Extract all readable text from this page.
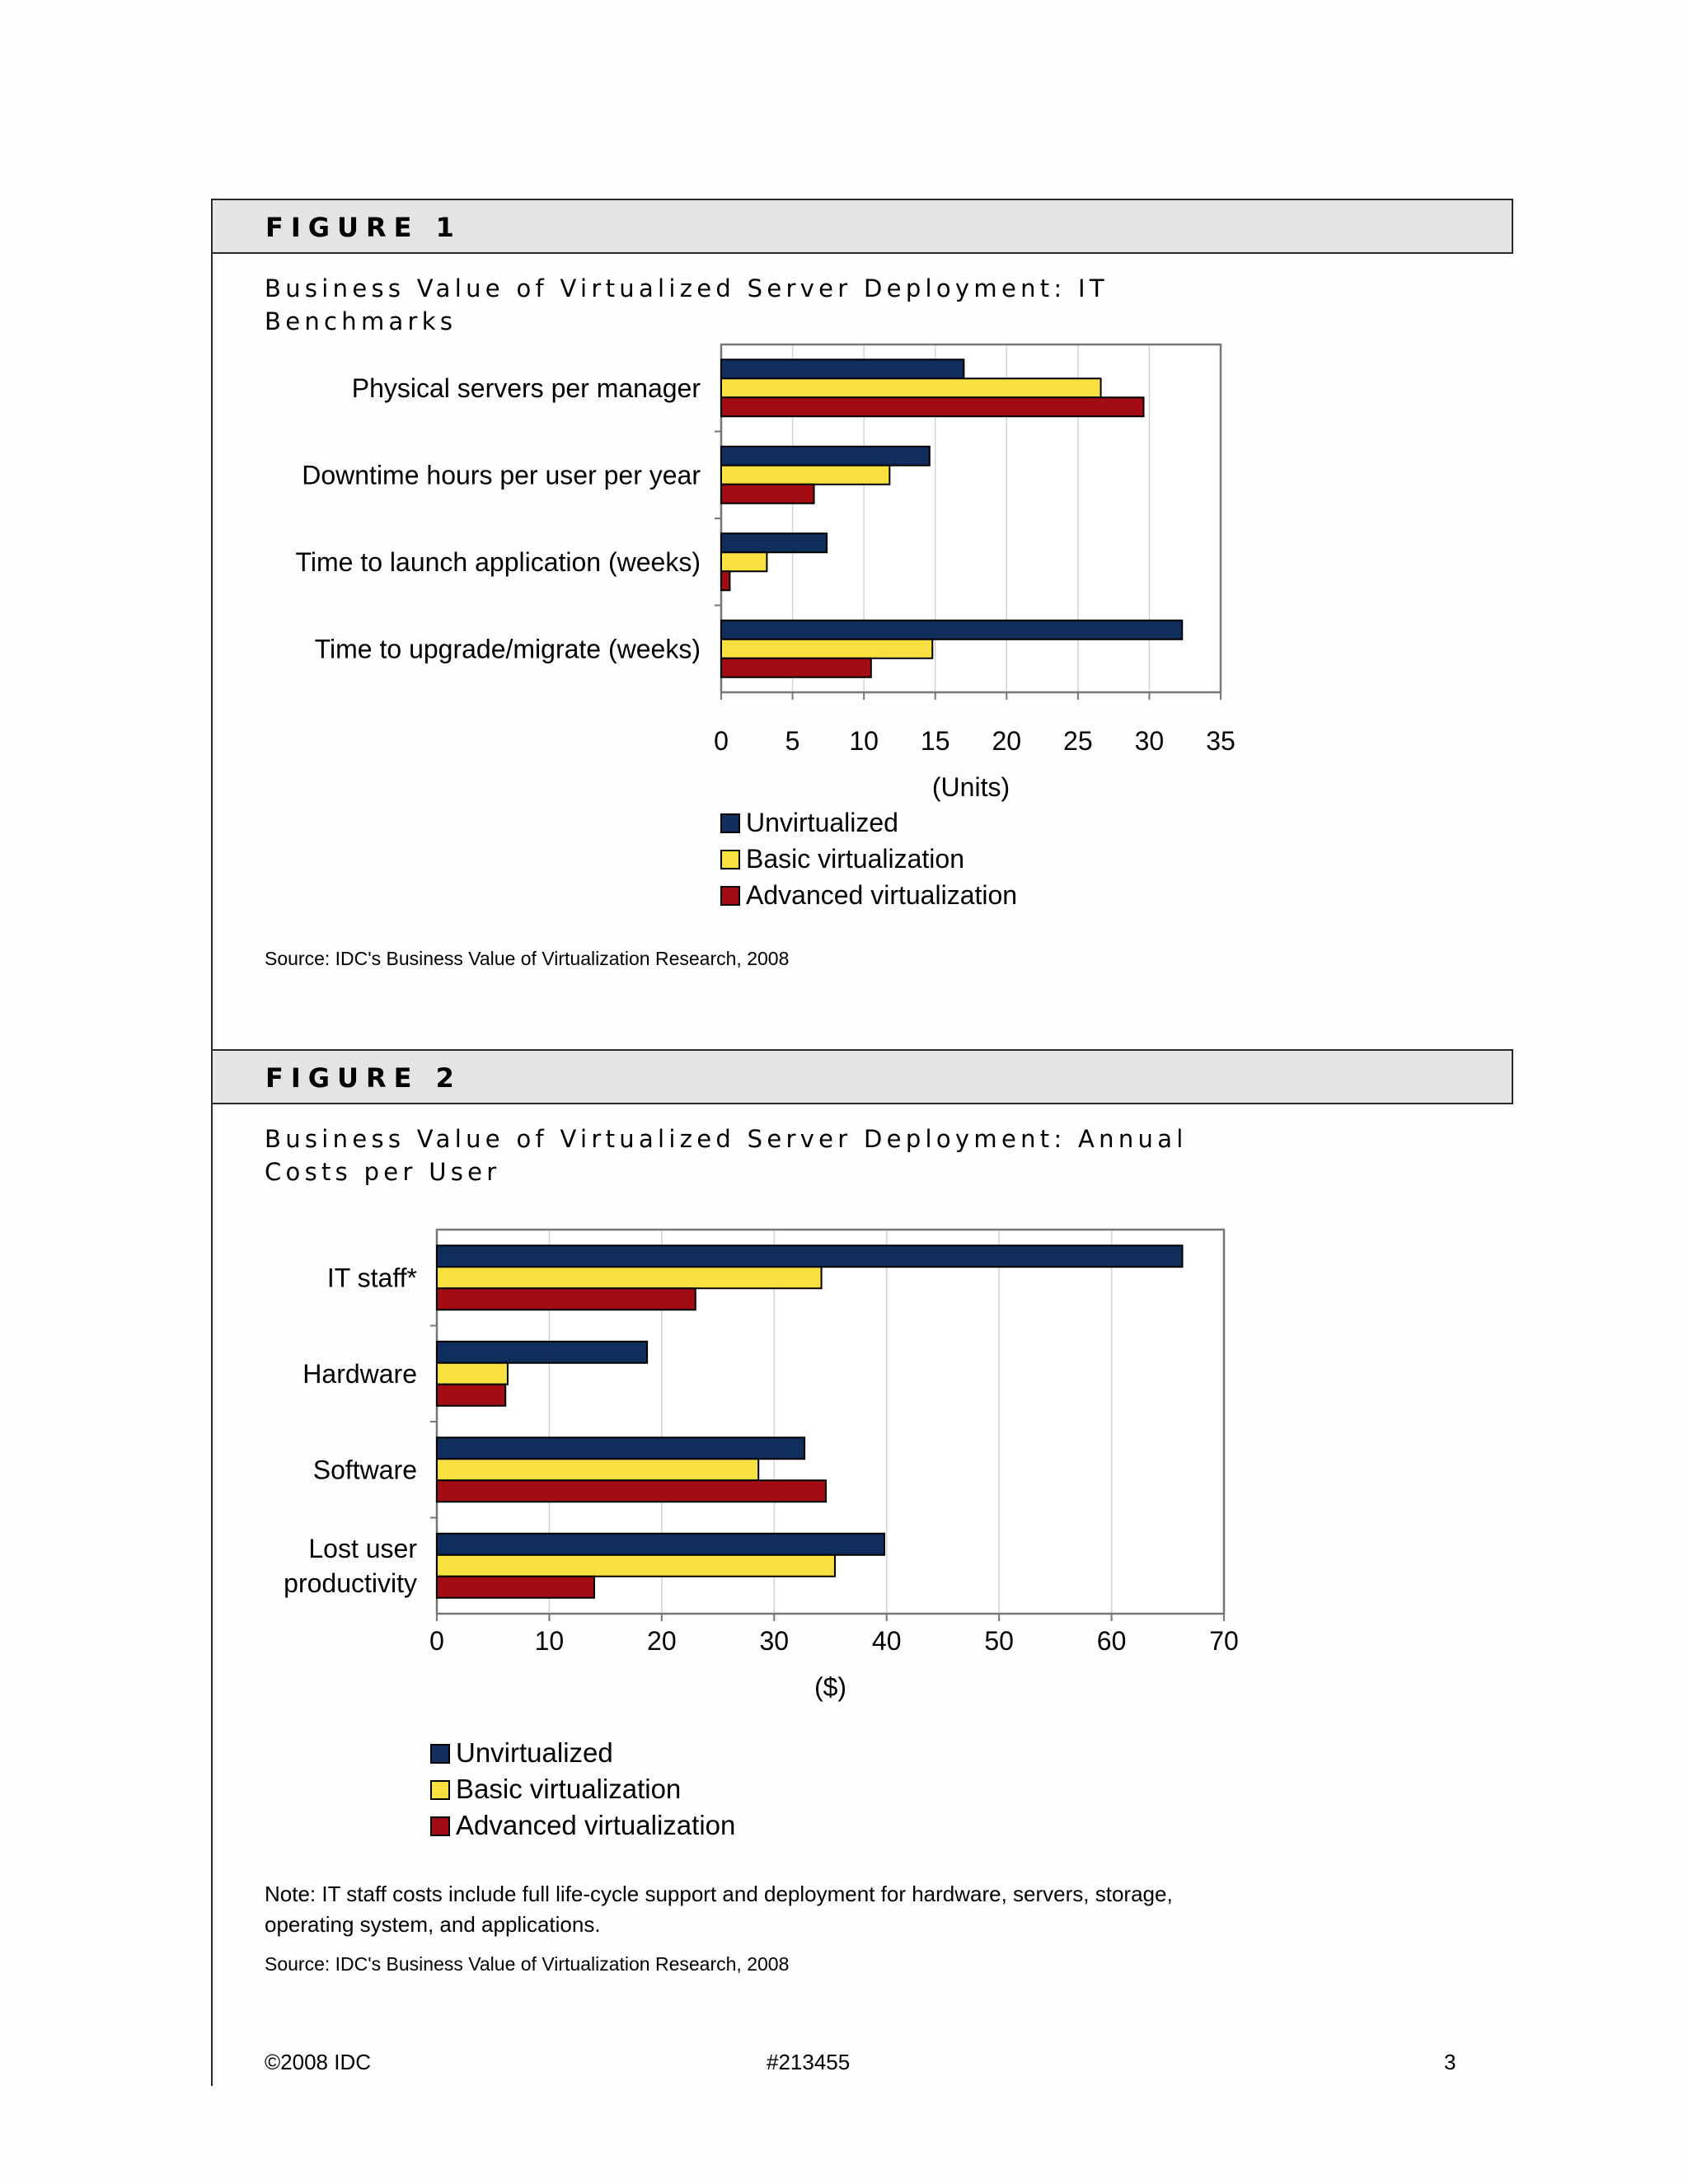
FIGURE 1
Business Value of Virtualized Server Deployment: IT Benchmarks
Physical servers per manager
Downtime hours per user per year
Time to launch application (weeks)
Time to upgrade/migrate (weeks)
0 5 10 15 20 25 30 35
(Units)
Unvirtualized
Basic virtualization
Advanced virtualization
Source: IDC's Business Value of Virtualization Research, 2008
FIGURE 2
Business Value of Virtualized Server Deployment: Annual Costs per User
IT staff*
Hardware
Software
Lost user productivity
0	10	20	30	40	50	60	70
($)
Unvirtualized
Basic virtualization
Advanced virtualization
Note: IT staff costs include full life-cycle support and deployment for hardware, servers, storage, operating system, and applications.
Source: IDC's Business Value of Virtualization Research, 2008
©2008 IDC	#213455	3
